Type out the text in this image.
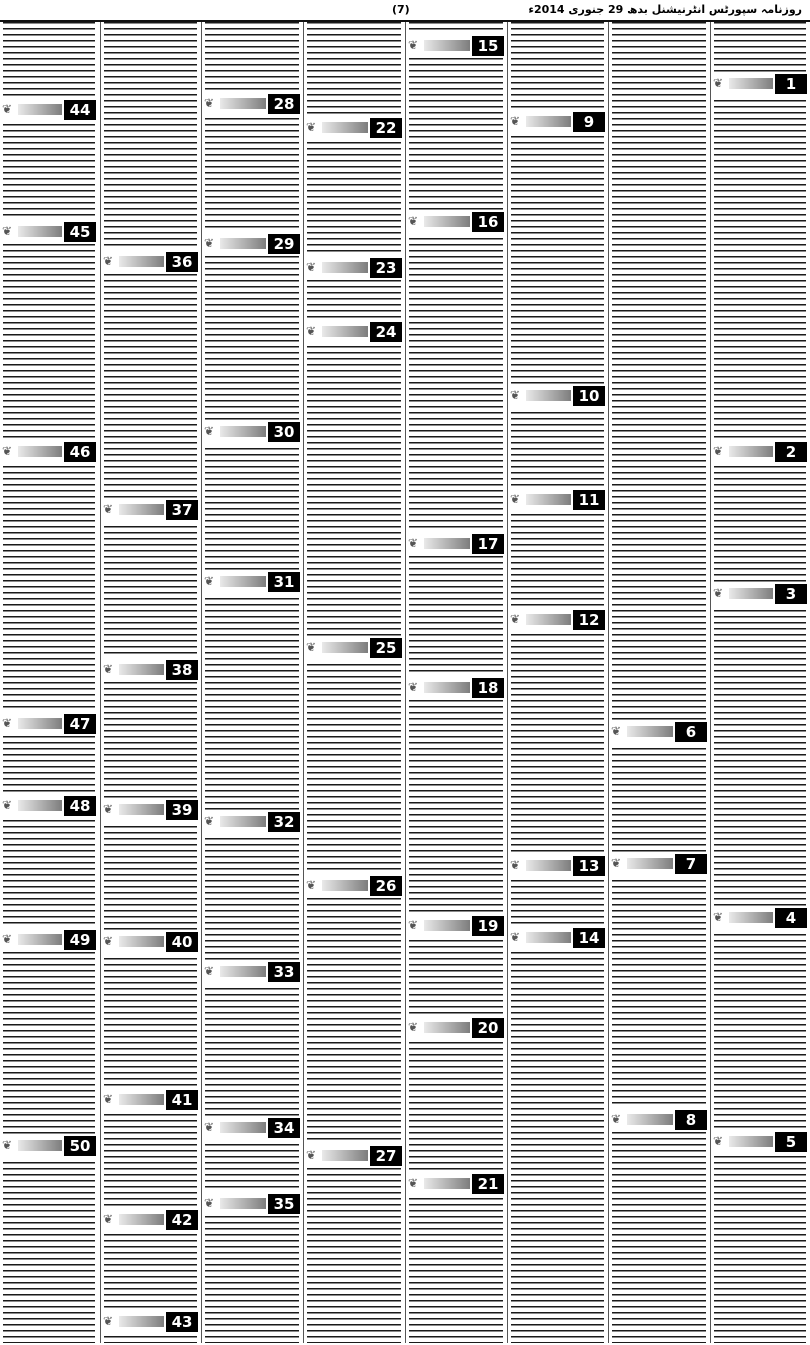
روزنامہ سپورٹس انٹرنیشنل بدھ 29 جنوری 2014ء
(7)
1
❦
2
❦
3
❦
4
❦
5
❦
6
❦
7
❦
8
❦
9
❦
10
❦
11
❦
12
❦
13
❦
14
❦
15
❦
16
❦
17
❦
18
❦
19
❦
20
❦
21
❦
22
❦
23
❦
24
❦
25
❦
26
❦
27
❦
28
❦
29
❦
30
❦
31
❦
32
❦
33
❦
34
❦
35
❦
36
❦
37
❦
38
❦
39
❦
40
❦
41
❦
42
❦
43
❦
44
❦
45
❦
46
❦
47
❦
48
❦
49
❦
50
❦
